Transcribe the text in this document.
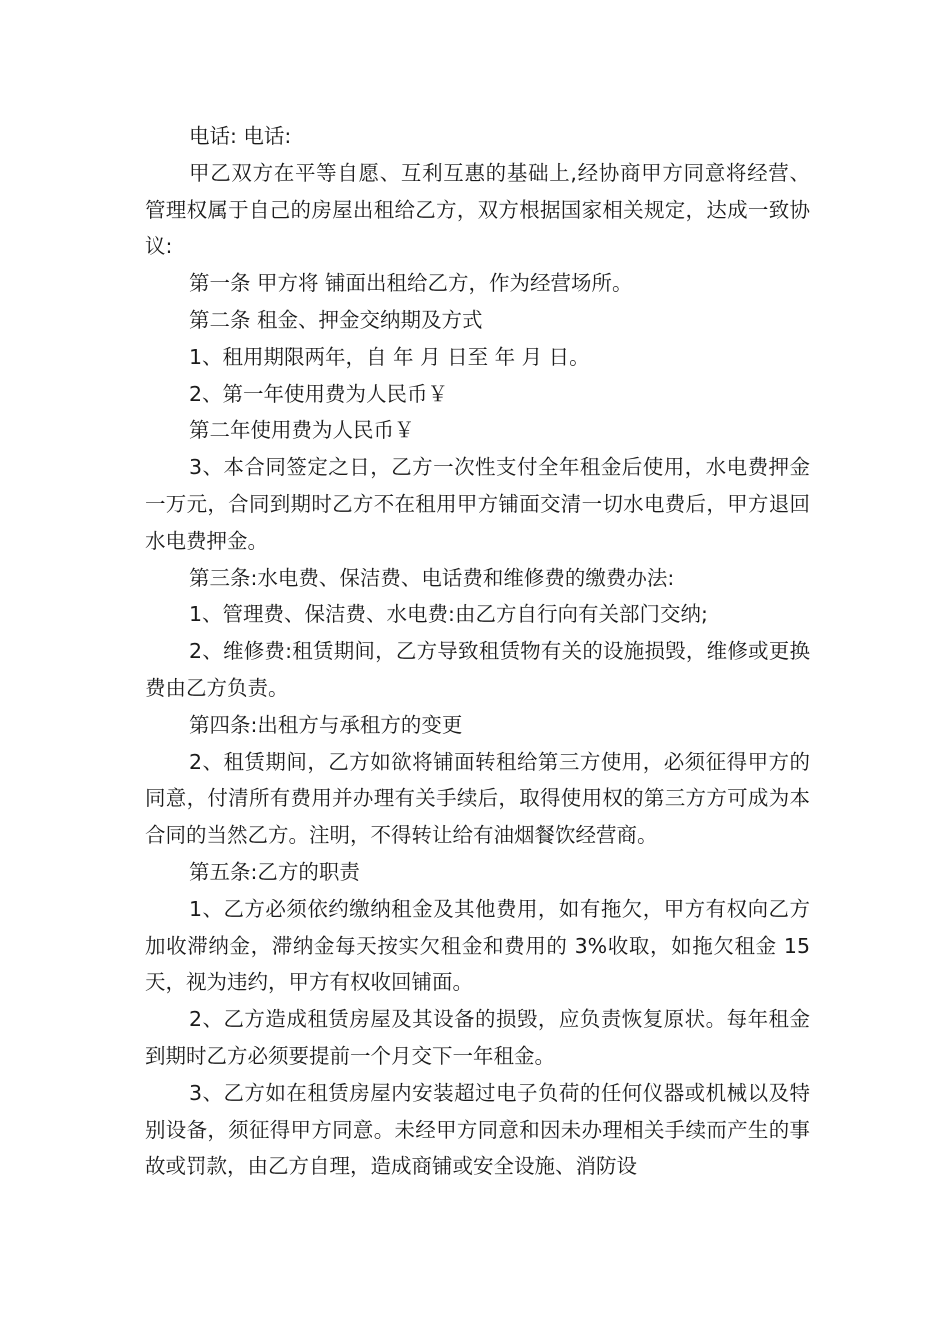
电话: 电话:

甲乙双方在平等自愿、互利互惠的基础上,经协商甲方同意将经营、管理权属于自己的房屋出租给乙方，双方根据国家相关规定，达成一致协议:

第一条 甲方将 铺面出租给乙方，作为经营场所。

第二条 租金、押金交纳期及方式

1、租用期限两年，自 年 月 日至 年 月 日。

2、第一年使用费为人民币￥

第二年使用费为人民币￥

3、本合同签定之日，乙方一次性支付全年租金后使用，水电费押金一万元，合同到期时乙方不在租用甲方铺面交清一切水电费后，甲方退回水电费押金。

第三条:水电费、保洁费、电话费和维修费的缴费办法:

1、管理费、保洁费、水电费:由乙方自行向有关部门交纳;

2、维修费:租赁期间，乙方导致租赁物有关的设施损毁，维修或更换费由乙方负责。

第四条:出租方与承租方的变更

2、租赁期间，乙方如欲将铺面转租给第三方使用，必须征得甲方的同意，付清所有费用并办理有关手续后，取得使用权的第三方方可成为本合同的当然乙方。注明，不得转让给有油烟餐饮经营商。

第五条:乙方的职责

1、乙方必须依约缴纳租金及其他费用，如有拖欠，甲方有权向乙方加收滞纳金，滞纳金每天按实欠租金和费用的 3%收取，如拖欠租金 15 天，视为违约，甲方有权收回铺面。

2、乙方造成租赁房屋及其设备的损毁，应负责恢复原状。每年租金到期时乙方必须要提前一个月交下一年租金。

3、乙方如在租赁房屋内安装超过电子负荷的任何仪器或机械以及特别设备，须征得甲方同意。未经甲方同意和因未办理相关手续而产生的事故或罚款，由乙方自理，造成商铺或安全设施、消防设
